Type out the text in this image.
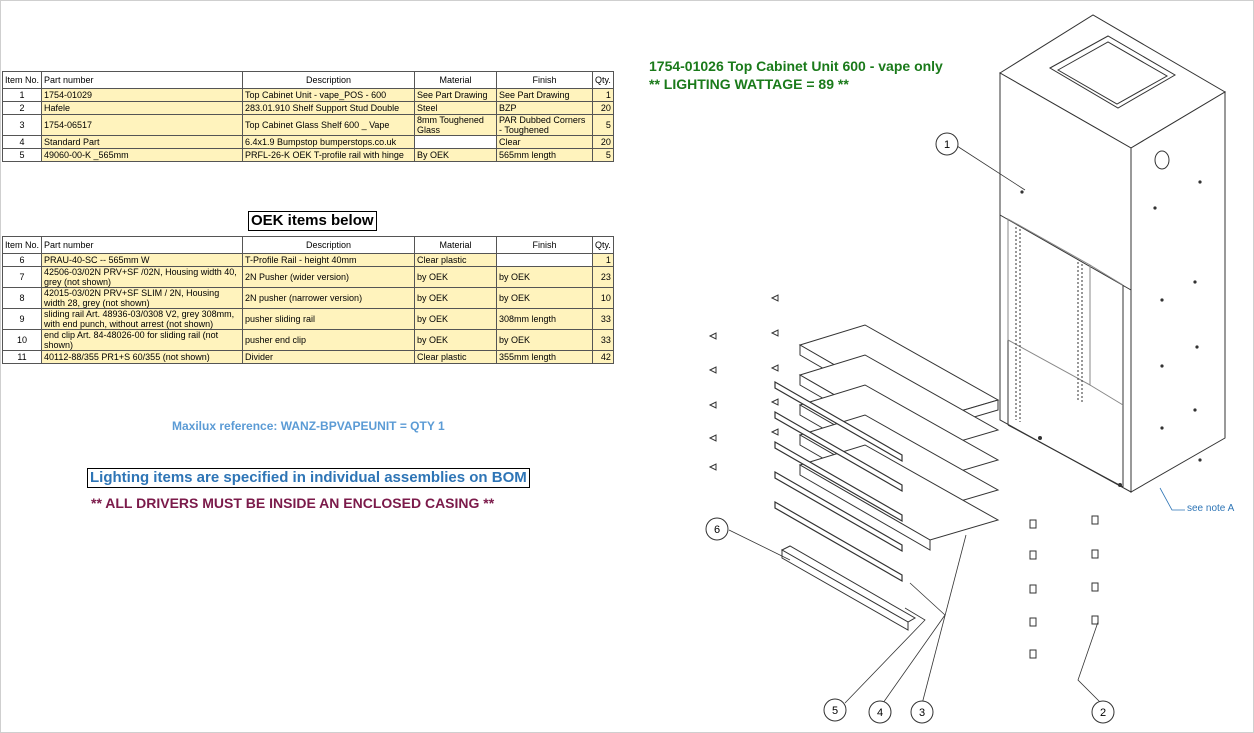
Item No.	Part number	Description	Material	Finish	Qty.
1	1754-01029	Top Cabinet Unit - vape_POS - 600	See Part Drawing	See Part Drawing	1
2	Hafele	283.01.910 Shelf Support Stud Double	Steel	BZP	20
3	1754-06517	Top Cabinet Glass Shelf 600 _ Vape	8mm Toughened Glass	PAR Dubbed Corners - Toughened	5
4	Standard Part	6.4x1.9 Bumpstop bumperstops.co.uk		Clear	20
5	49060-00-K _565mm	PRFL-26-K OEK T-profile rail with hinge	By OEK	565mm length	5
OEK items below
Item No.	Part number	Description	Material	Finish	Qty.
6	PRAU-40-SC -- 565mm W	T-Profile Rail - height 40mm	Clear plastic		1
7	42506-03/02N PRV+SF /02N, Housing width 40, grey (not shown)	2N Pusher (wider version)	by OEK	by OEK	23
8	42015-03/02N PRV+SF SLIM / 2N, Housing width 28, grey (not shown)	2N pusher (narrower version)	by OEK	by OEK	10
9	sliding rail Art. 48936-03/0308 V2, grey 308mm, with end punch, without arrest (not shown)	pusher sliding rail	by OEK	308mm length	33
10	end clip Art. 84-48026-00 for sliding rail (not shown)	pusher end clip	by OEK	by OEK	33
11	40112-88/355 PR1+S 60/355 (not shown)	Divider	Clear plastic	355mm length	42
Maxilux reference: WANZ-BPVAPEUNIT = QTY 1
Lighting items are specified in individual assemblies on BOM
** ALL DRIVERS MUST BE INSIDE AN ENCLOSED CASING **
1754-01026 Top Cabinet Unit 600 - vape only
** LIGHTING WATTAGE = 89 **
1
2
3
4
5
6
see note A
